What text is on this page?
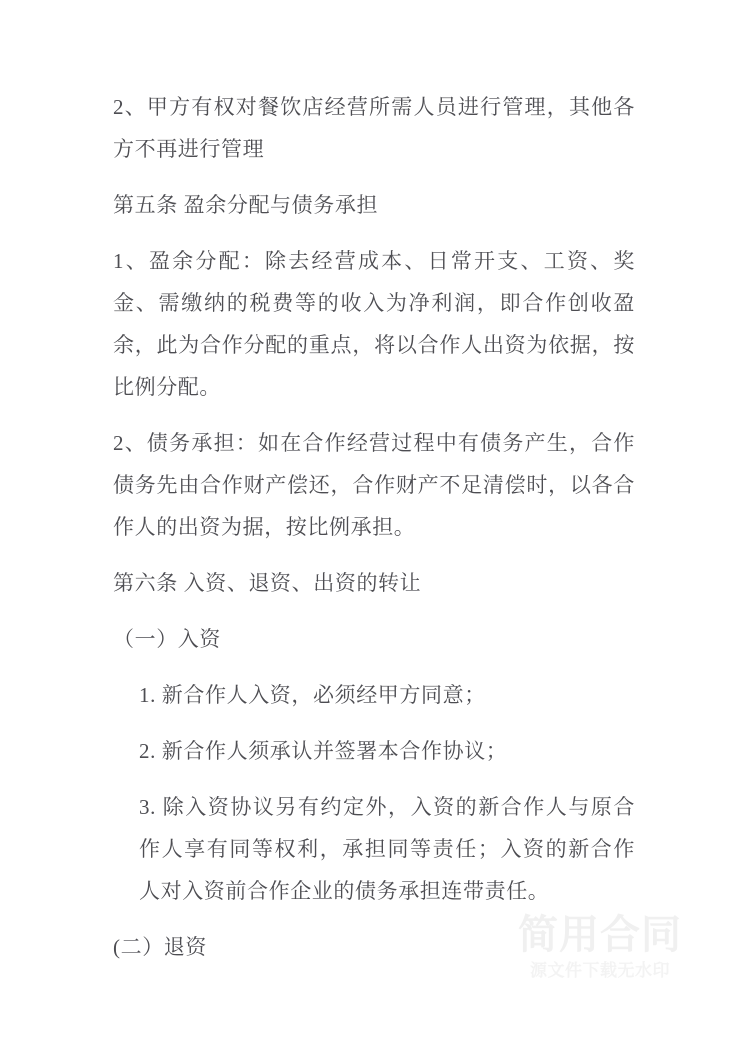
2、甲方有权对餐饮店经营所需人员进行管理，其他各方不再进行管理

第五条 盈余分配与债务承担

1、盈余分配：除去经营成本、日常开支、工资、奖金、需缴纳的税费等的收入为净利润，即合作创收盈余，此为合作分配的重点，将以合作人出资为依据，按比例分配。

2、债务承担：如在合作经营过程中有债务产生，合作债务先由合作财产偿还，合作财产不足清偿时，以各合作人的出资为据，按比例承担。

第六条 入资、退资、出资的转让

（一）入资

1. 新合作人入资，必须经甲方同意；

2. 新合作人须承认并签署本合作协议；

3. 除入资协议另有约定外，入资的新合作人与原合作人享有同等权利，承担同等责任；入资的新合作人对入资前合作企业的债务承担连带责任。

(二）退资	简用合同
源文件下载无水印
